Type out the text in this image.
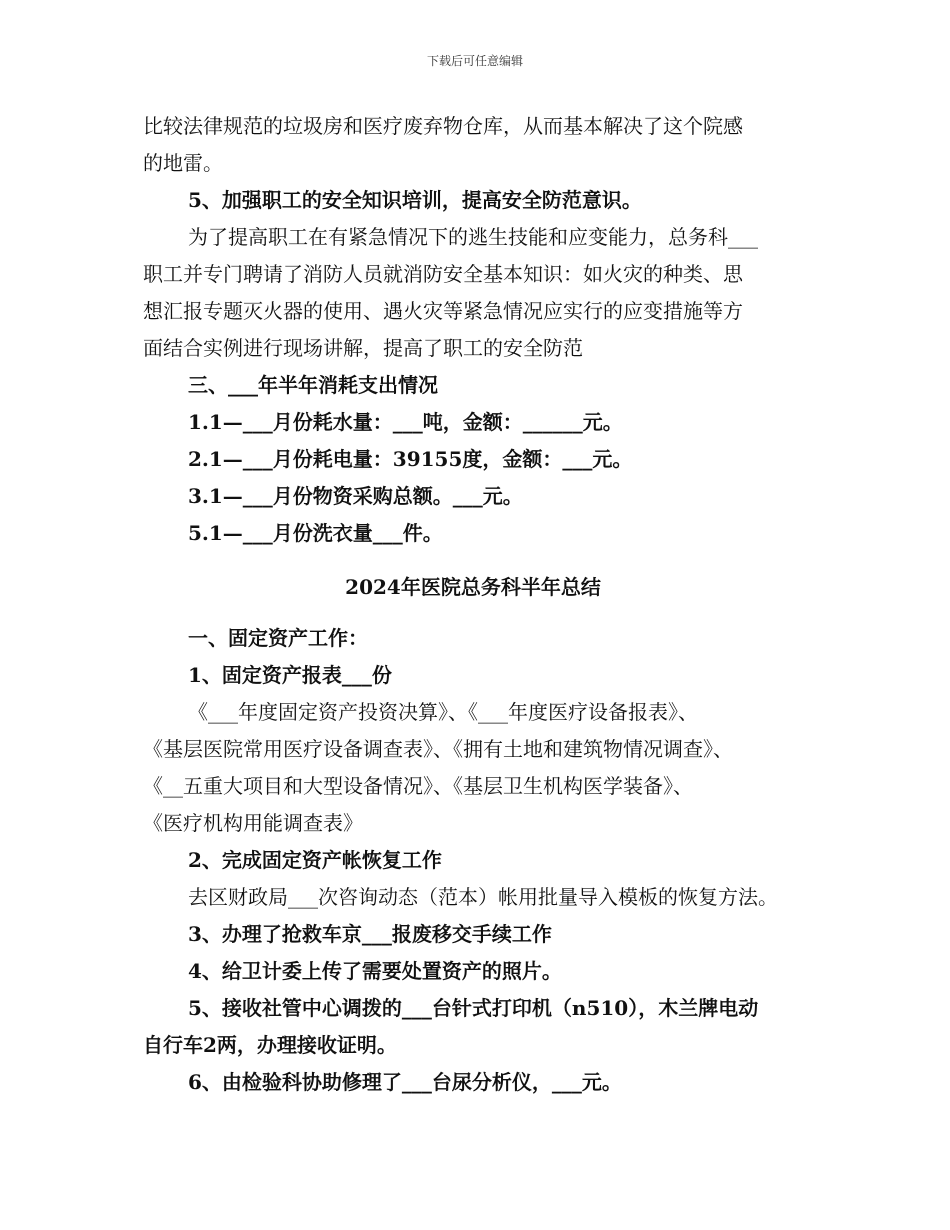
下载后可任意编辑

比较法律规范的垃圾房和医疗废弃物仓库，从而基本解决了这个院感

的地雷。

5、加强职工的安全知识培训，提高安全防范意识。

为了提高职工在有紧急情况下的逃生技能和应变能力，总务科___

职工并专门聘请了消防人员就消防安全基本知识：如火灾的种类、思

想汇报专题灭火器的使用、遇火灾等紧急情况应实行的应变措施等方

面结合实例进行现场讲解，提高了职工的安全防范

三、___年半年消耗支出情况

1.1—___月份耗水量：___吨，金额：______元。

2.1—___月份耗电量：39155度，金额：___元。

3.1—___月份物资采购总额。___元。

5.1—___月份洗衣量___件。

2024年医院总务科半年总结

一、固定资产工作：

1、固定资产报表___份

《___年度固定资产投资决算》、《___年度医疗设备报表》、

《基层医院常用医疗设备调查表》、《拥有土地和建筑物情况调查》、

《__五重大项目和大型设备情况》、《基层卫生机构医学装备》、

《医疗机构用能调查表》

2、完成固定资产帐恢复工作

去区财政局___次咨询动态（范本）帐用批量导入模板的恢复方法。

3、办理了抢救车京___报废移交手续工作

4、给卫计委上传了需要处置资产的照片。

5、接收社管中心调拨的___台针式打印机（n510），木兰牌电动

自行车2两，办理接收证明。

6、由检验科协助修理了___台尿分析仪，___元。
